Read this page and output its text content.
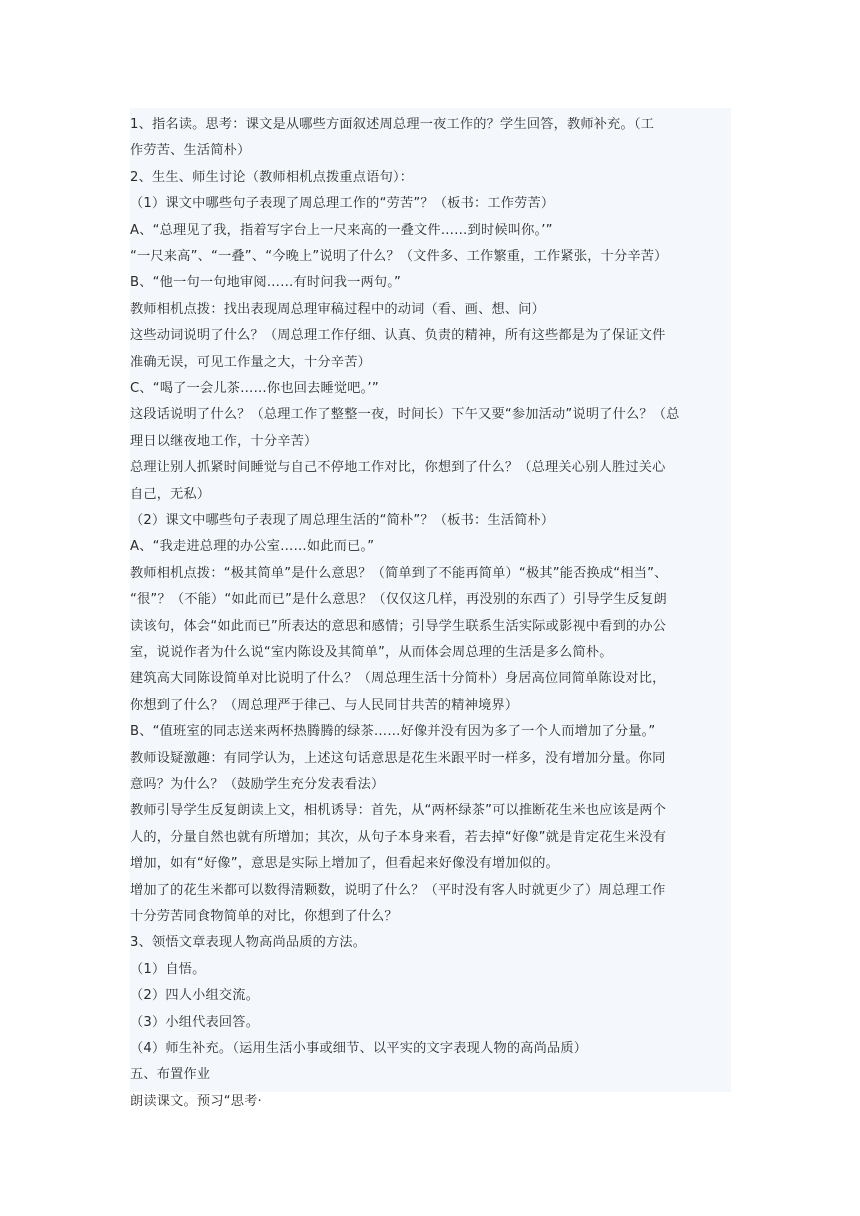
1、指名读。思考：课文是从哪些方面叙述周总理一夜工作的？学生回答，教师补充。（工
作劳苦、生活简朴）
2、生生、师生讨论（教师相机点拨重点语句）：
（1）课文中哪些句子表现了周总理工作的“劳苦”？（板书：工作劳苦）
A、“总理见了我，指着写字台上一尺来高的一叠文件……到时候叫你。’”
“一尺来高”、“一叠”、“今晚上”说明了什么？（文件多、工作繁重，工作紧张，十分辛苦）
B、“他一句一句地审阅……有时问我一两句。”
教师相机点拨：找出表现周总理审稿过程中的动词（看、画、想、问）
这些动词说明了什么？（周总理工作仔细、认真、负责的精神，所有这些都是为了保证文件
准确无误，可见工作量之大，十分辛苦）
C、“喝了一会儿茶……你也回去睡觉吧。’”
这段话说明了什么？（总理工作了整整一夜，时间长）下午又要“参加活动”说明了什么？（总
理日以继夜地工作，十分辛苦）
总理让别人抓紧时间睡觉与自己不停地工作对比，你想到了什么？（总理关心别人胜过关心
自己，无私）
（2）课文中哪些句子表现了周总理生活的“简朴”？（板书：生活简朴）
A、“我走进总理的办公室……如此而已。”
教师相机点拨：“极其简单”是什么意思？（简单到了不能再简单）“极其”能否换成“相当”、
“很”？（不能）“如此而已”是什么意思？（仅仅这几样，再没别的东西了）引导学生反复朗
读该句，体会“如此而已”所表达的意思和感情；引导学生联系生活实际或影视中看到的办公
室，说说作者为什么说“室内陈设及其简单”，从而体会周总理的生活是多么简朴。
建筑高大同陈设简单对比说明了什么？（周总理生活十分简朴）身居高位同简单陈设对比，
你想到了什么？（周总理严于律己、与人民同甘共苦的精神境界）
B、“值班室的同志送来两杯热腾腾的绿茶……好像并没有因为多了一个人而增加了分量。”
教师设疑激趣：有同学认为，上述这句话意思是花生米跟平时一样多，没有增加分量。你同
意吗？为什么？（鼓励学生充分发表看法）
教师引导学生反复朗读上文，相机诱导：首先，从“两杯绿茶”可以推断花生米也应该是两个
人的，分量自然也就有所增加；其次，从句子本身来看，若去掉“好像”就是肯定花生米没有
增加，如有“好像”，意思是实际上增加了，但看起来好像没有增加似的。
增加了的花生米都可以数得清颗数，说明了什么？（平时没有客人时就更少了）周总理工作
十分劳苦同食物简单的对比，你想到了什么？
3、领悟文章表现人物高尚品质的方法。
（1）自悟。
（2）四人小组交流。
（3）小组代表回答。
（4）师生补充。（运用生活小事或细节、以平实的文字表现人物的高尚品质）
五、布置作业
朗读课文。预习“思考·
